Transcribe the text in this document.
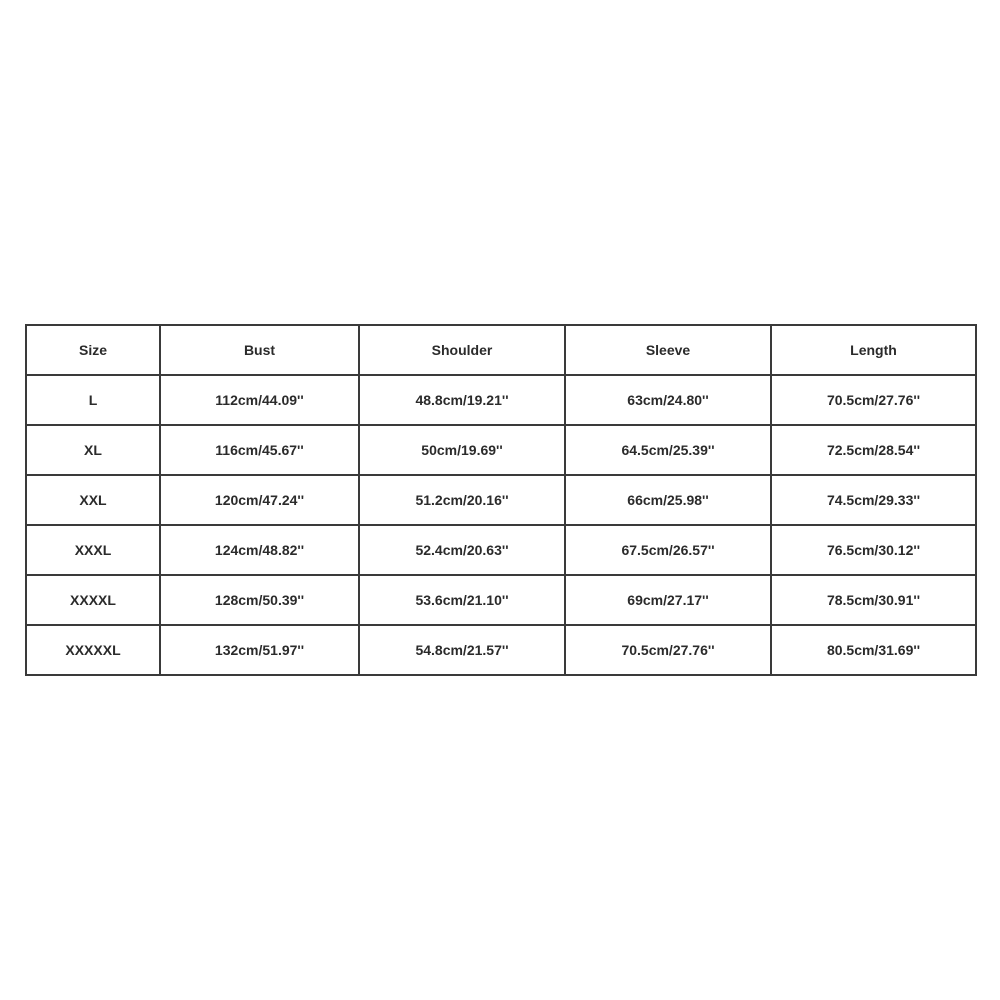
Size	Bust	Shoulder	Sleeve	Length
L	112cm/44.09''	48.8cm/19.21''	63cm/24.80''	70.5cm/27.76''
XL	116cm/45.67''	50cm/19.69''	64.5cm/25.39''	72.5cm/28.54''
XXL	120cm/47.24''	51.2cm/20.16''	66cm/25.98''	74.5cm/29.33''
XXXL	124cm/48.82''	52.4cm/20.63''	67.5cm/26.57''	76.5cm/30.12''
XXXXL	128cm/50.39''	53.6cm/21.10''	69cm/27.17''	78.5cm/30.91''
XXXXXL	132cm/51.97''	54.8cm/21.57''	70.5cm/27.76''	80.5cm/31.69''
